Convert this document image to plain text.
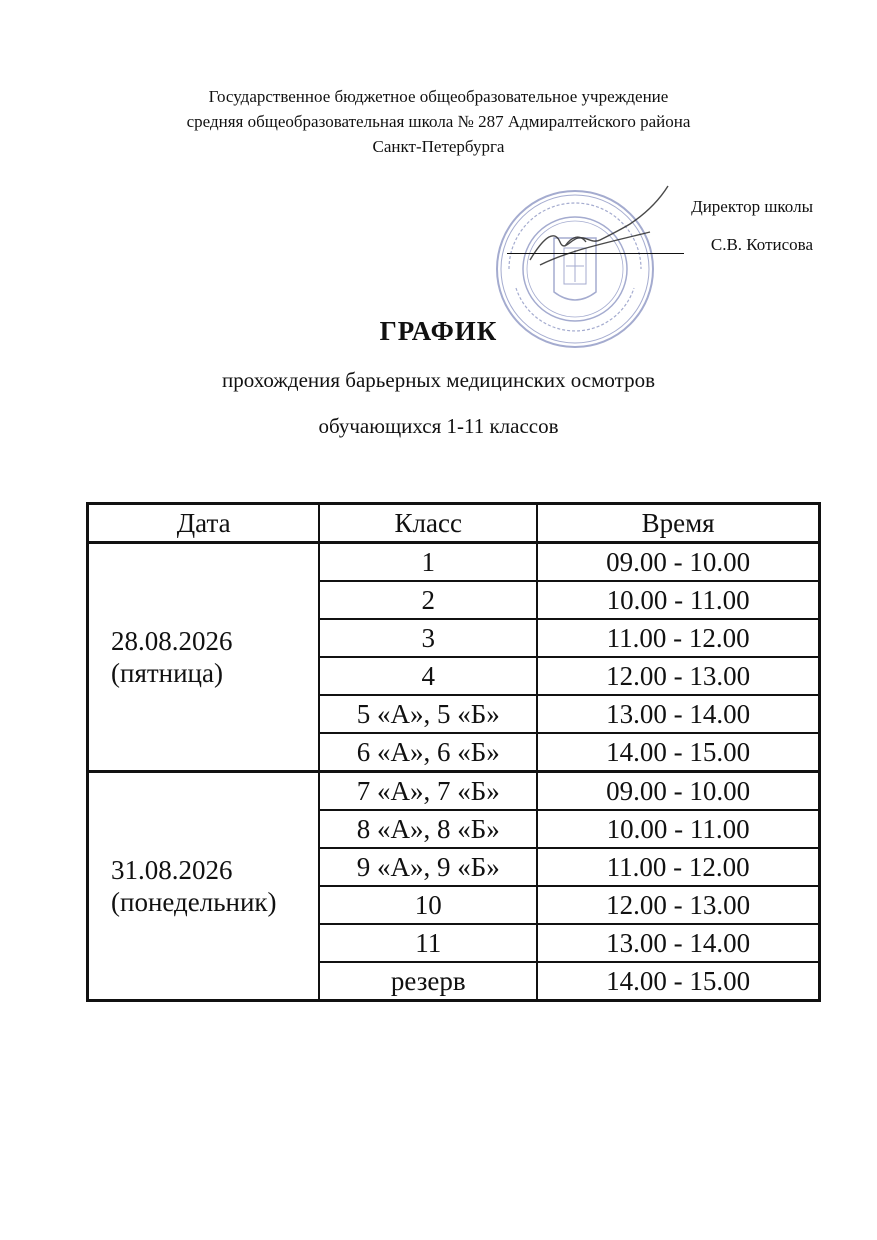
Государственное бюджетное общеобразовательное учреждение
средняя общеобразовательная школа № 287 Адмиралтейского района
Санкт-Петербурга
Директор школы
С.В. Котисова
ГРАФИК
прохождения барьерных медицинских осмотров
обучающихся 1-11 классов
Дата	Класс	Время

28.08.2026
(пятница)	1	09.00 - 10.00
	2	10.00 - 11.00
	3	11.00 - 12.00
	4	12.00 - 13.00
	5 «А», 5 «Б»	13.00 - 14.00
	6 «А», 6 «Б»	14.00 - 15.00

31.08.2026
(понедельник)	7 «А», 7 «Б»	09.00 - 10.00
	8 «А», 8 «Б»	10.00 - 11.00
	9 «А», 9 «Б»	11.00 - 12.00
	10	12.00 - 13.00
	11	13.00 - 14.00
	резерв	14.00 - 15.00
